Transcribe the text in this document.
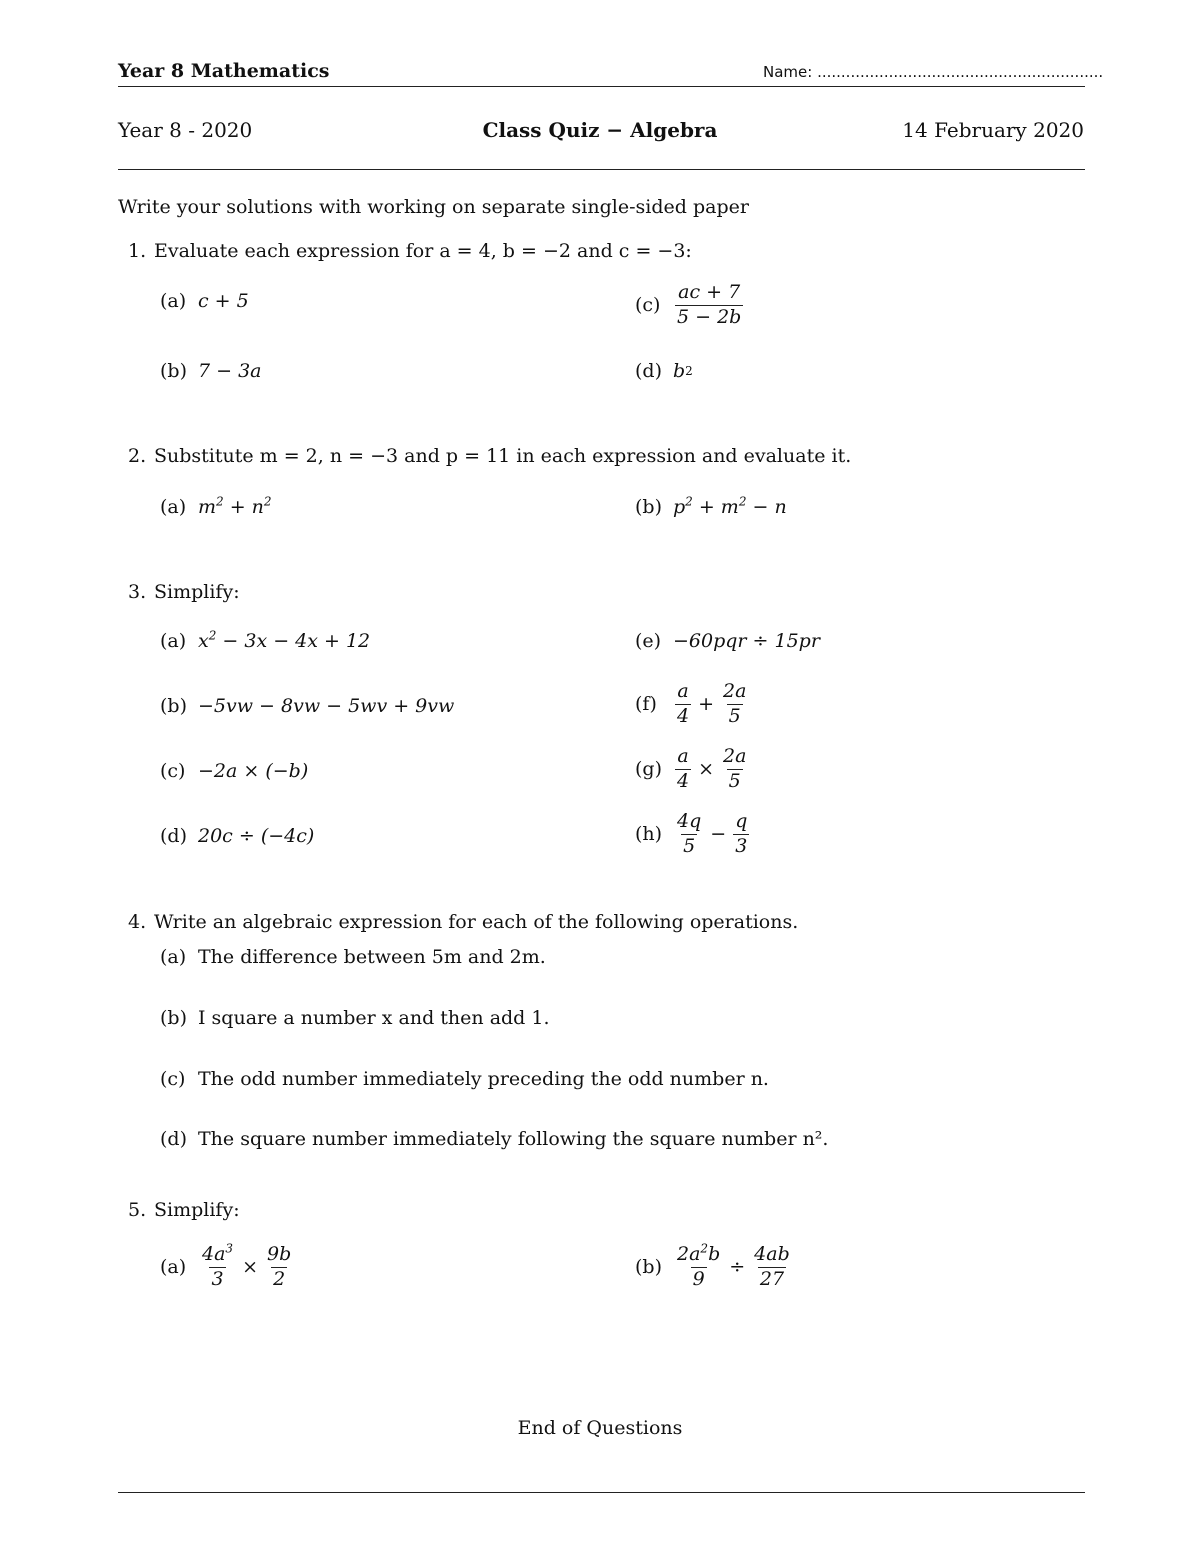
Year 8 Mathematics	Name: ............................................................
Year 8 - 2020	Class Quiz − Algebra	14 February 2020
Write your solutions with working on separate single-sided paper
1. Evaluate each expression for a = 4, b = −2 and c = −3:
(a) c + 5	$(c) \frac{ac + 7}{5 - 2b}$
(b) 7 − 3a	(d) b 2
2. Substitute m = 2, n = −3 and p = 11 in each expression and evaluate it.
(a) $m^2 + n^2$	(b) $p^2 + m^2 - n$
3. Simplify:
(a) $x^2 - 3x - 4x + 12$	(e) −60pqr ÷ 15pr
(b) −5vw − 8vw − 5wv + 9vw	$(f) \frac{a}{4} + \frac{2a}{5}$
(c) −2a × (−b)	$(g) \frac{a}{4} \times \frac{2a}{5}$
(d) 20c ÷ (−4c)	$(h) \frac{4q}{5} - \frac{q}{3}$
4. Write an algebraic expression for each of the following operations.
(a) The difference between 5m and 2m.
(b) I square a number x and then add 1.
(c) The odd number immediately preceding the odd number n.
(d) The square number immediately following the square number n².
5. Simplify:
$(a) \frac{4a^3}{3} \times \frac{9b}{2}$	$(b) \frac{2a^2b}{9} \div \frac{4ab}{27}$
End of Questions
